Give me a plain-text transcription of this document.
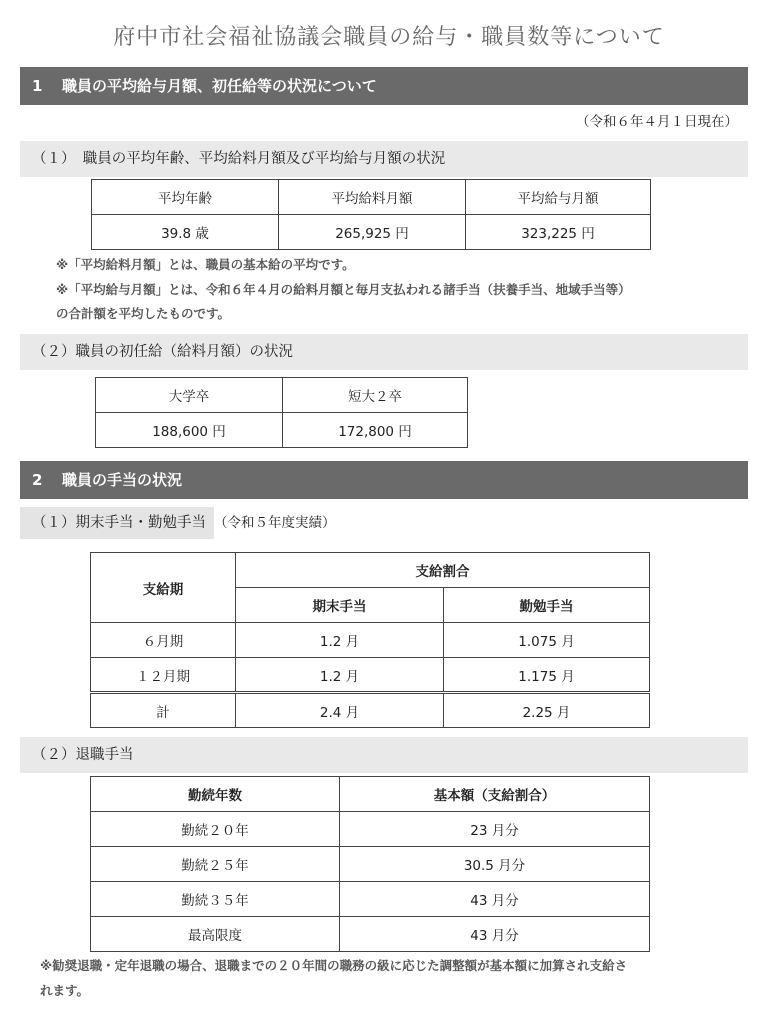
府中市社会福祉協議会職員の給与・職員数等について
1 職員の平均給与月額、初任給等の状況について
（令和６年４月１日現在）
（１）　職員の平均年齢、平均給料月額及び平均給与月額の状況
平均年齢	平均給料月額	平均給与月額
39.8 歳	265,925 円	323,225 円
※「平均給料月額」とは、職員の基本給の平均です。
※「平均給与月額」とは、令和６年４月の給料月額と毎月支払われる諸手当（扶養手当、地域手当等）
の合計額を平均したものです。
（２）職員の初任給（給料月額）の状況
大学卒	短大２卒
188,600 円	172,800 円
2 職員の手当の状況
（１）期末手当・勤勉手当 （令和５年度実績）
支給期	支給割合	
	期末手当	勤勉手当
６月期	1.2 月	1.075 月
１２月期	1.2 月	1.175 月
計	2.4 月	2.25 月
（２）退職手当
勤続年数	基本額（支給割合）
勤続２０年	23 月分
勤続２５年	30.5 月分
勤続３５年	43 月分
最高限度	43 月分
※勧奨退職・定年退職の場合、退職までの２０年間の職務の級に応じた調整額が基本額に加算され支給さ
れます。
